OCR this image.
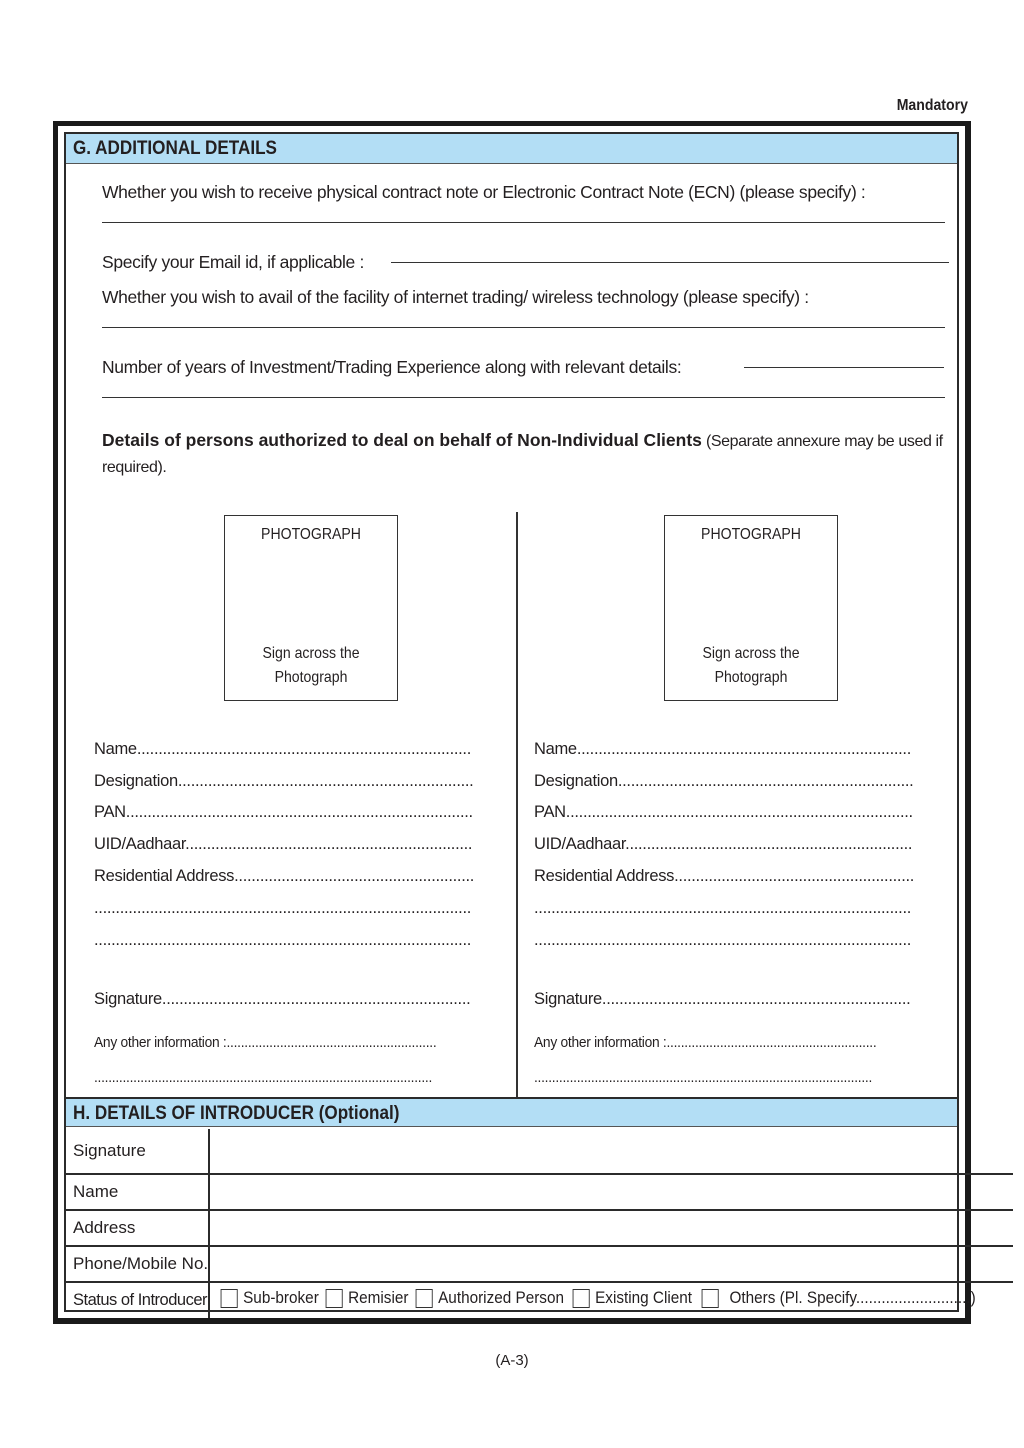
Mandatory
G. ADDITIONAL DETAILS
Whether you wish to receive physical contract note or Electronic Contract Note (ECN) (please specify) :
Specify your Email id, if applicable :
Whether you wish to avail of the facility of internet trading/ wireless technology (please specify) :
Number of years of Investment/Trading Experience along with relevant details:
Details of persons authorized to deal on behalf of Non-Individual Clients (Separate annexure may be used if required).
PHOTOGRAPH
Sign across the Photograph
Name..............................................................................
Designation.....................................................................
PAN.................................................................................
UID/Aadhaar...................................................................
Residential Address........................................................
........................................................................................
........................................................................................
Signature........................................................................
Any other information :...........................................................
...............................................................................................
PHOTOGRAPH
Sign across the Photograph
Name..............................................................................
Designation.....................................................................
PAN.................................................................................
UID/Aadhaar...................................................................
Residential Address........................................................
........................................................................................
........................................................................................
Signature........................................................................
Any other information :...........................................................
...............................................................................................
H. DETAILS OF INTRODUCER (Optional)
Signature	
Name	
Address	
Phone/Mobile No.	
Status of Introducer	Sub-broker Remisier Authorized Person Existing Client Others (Pl. Specify...........................)
(A-3)
